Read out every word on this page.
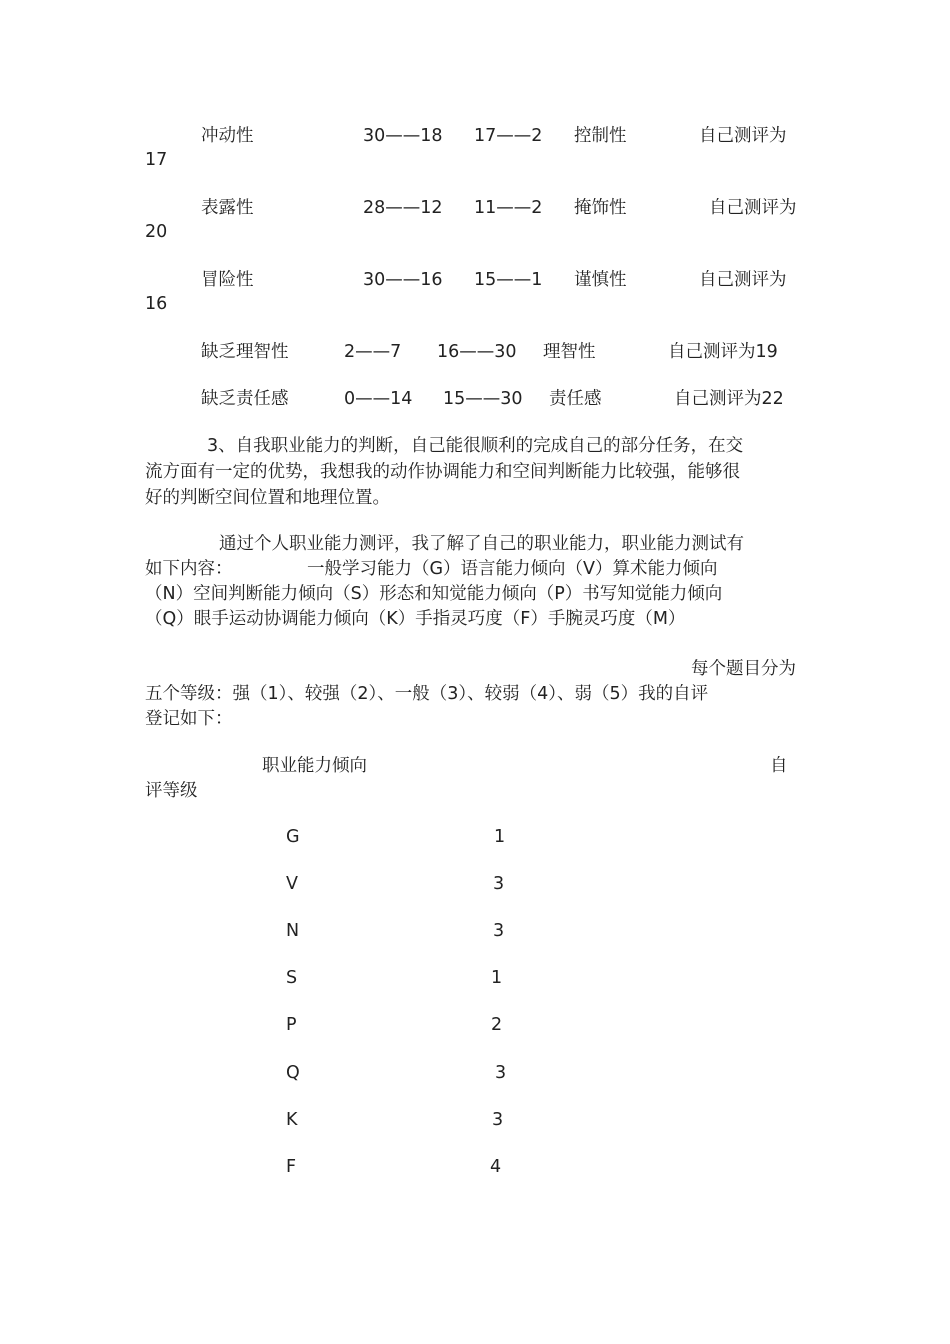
冲动性	30——18 17——2 控制性	自己测评为
17
表露性	28——12 11——2 掩饰性	自己测评为
20
冒险性	30——16 15——1 谨慎性	自己测评为
16
缺乏理智性	2——7 16——30 理智性	自己测评为19
缺乏责任感	0——14 15——30 责任感	自己测评为22
3、自我职业能力的判断，自己能很顺利的完成自己的部分任务，在交
流方面有一定的优势，我想我的动作协调能力和空间判断能力比较强，能够很
好的判断空间位置和地理位置。
通过个人职业能力测评，我了解了自己的职业能力，职业能力测试有
如下内容：	一般学习能力（G）语言能力倾向（V）算术能力倾向
（N）空间判断能力倾向（S）形态和知觉能力倾向（P）书写知觉能力倾向
（Q）眼手运动协调能力倾向（K）手指灵巧度（F）手腕灵巧度（M）
每个题目分为
五个等级：强（1）、较强（2）、一般（3）、较弱（4）、弱（5）我的自评
登记如下：
职业能力倾向	自
评等级
G	1
V	3
N	3
S	1
P	2
Q	3
K	3
F	4
